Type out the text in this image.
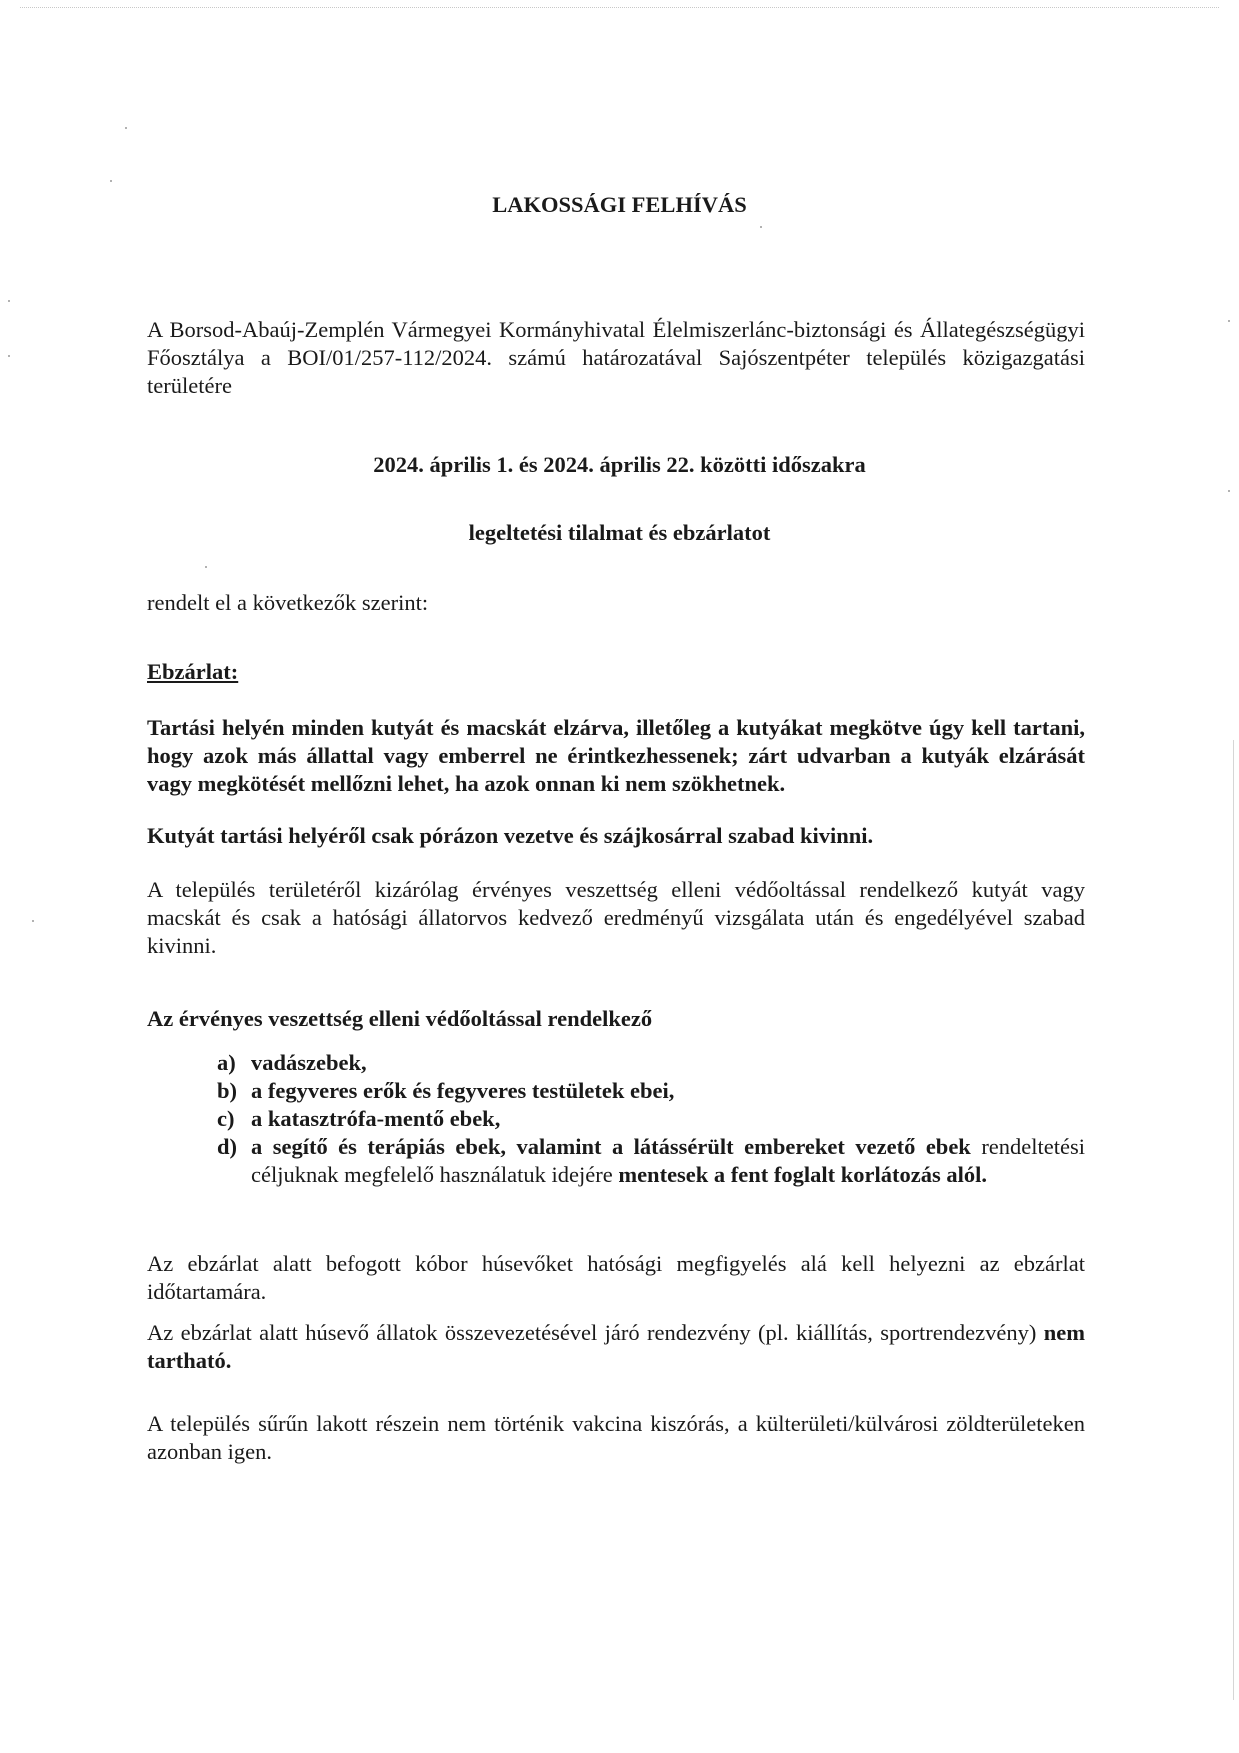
LAKOSSÁGI FELHÍVÁS
A Borsod-Abaúj-Zemplén Vármegyei Kormányhivatal Élelmiszerlánc-biztonsági és Állategészségügyi Főosztálya a BOI/01/257-112/2024. számú határozatával Sajószentpéter település közigazgatási területére
2024. április 1. és 2024. április 22. közötti időszakra
legeltetési tilalmat és ebzárlatot
rendelt el a következők szerint:
Ebzárlat:
Tartási helyén minden kutyát és macskát elzárva, illetőleg a kutyákat megkötve úgy kell tartani, hogy azok más állattal vagy emberrel ne érintkezhessenek; zárt udvarban a kutyák elzárását vagy megkötését mellőzni lehet, ha azok onnan ki nem szökhetnek.
Kutyát tartási helyéről csak pórázon vezetve és szájkosárral szabad kivinni.
A település területéről kizárólag érvényes veszettség elleni védőoltással rendelkező kutyát vagy macskát és csak a hatósági állatorvos kedvező eredményű vizsgálata után és engedélyével szabad kivinni.
Az érvényes veszettség elleni védőoltással rendelkező
a) vadászebek,
b) a fegyveres erők és fegyveres testületek ebei,
c) a katasztrófa-mentő ebek,
d) a segítő és terápiás ebek, valamint a látássérült embereket vezető ebek rendeltetési céljuknak megfelelő használatuk idejére mentesek a fent foglalt korlátozás alól.
Az ebzárlat alatt befogott kóbor húsevőket hatósági megfigyelés alá kell helyezni az ebzárlat időtartamára.
Az ebzárlat alatt húsevő állatok összevezetésével járó rendezvény (pl. kiállítás, sportrendezvény) nem tartható.
A település sűrűn lakott részein nem történik vakcina kiszórás, a külterületi/külvárosi zöldterületeken azonban igen.
